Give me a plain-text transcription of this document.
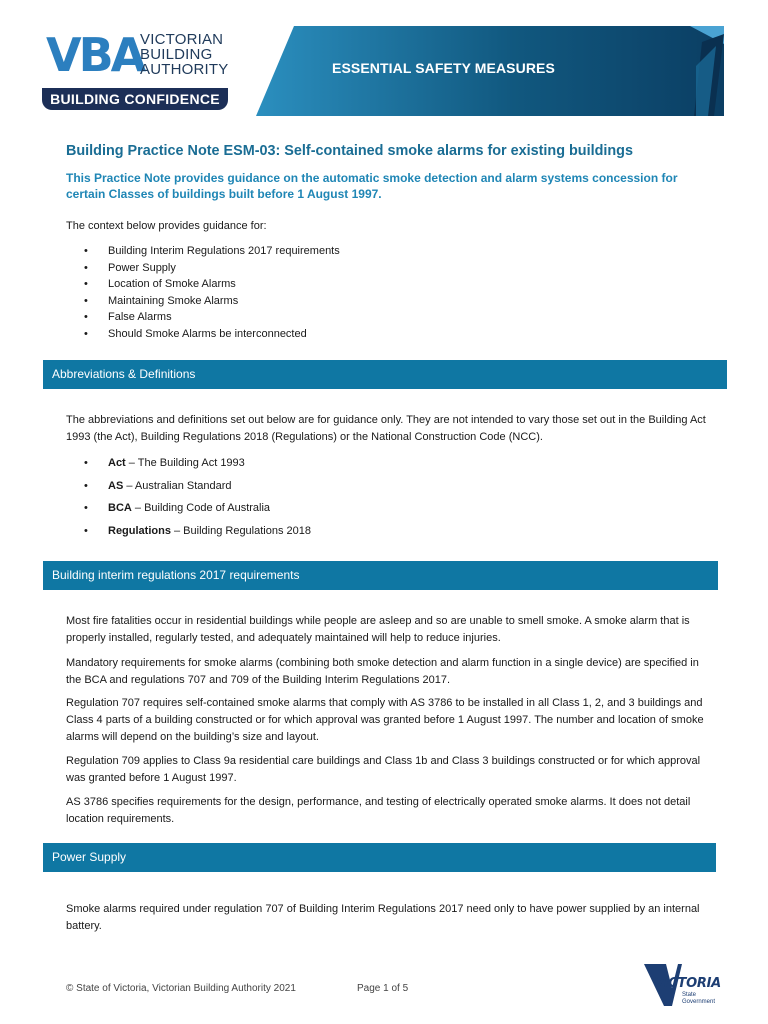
VBA
VICTORIAN
BUILDING
AUTHORITY
BUILDING CONFIDENCE
ESSENTIAL SAFETY MEASURES
Building Practice Note ESM-03: Self-contained smoke alarms for existing buildings
This Practice Note provides guidance on the automatic smoke detection and alarm systems concession for certain Classes of buildings built before 1 August 1997.
The context below provides guidance for:
• Building Interim Regulations 2017 requirements
• Power Supply
• Location of Smoke Alarms
• Maintaining Smoke Alarms
• False Alarms
• Should Smoke Alarms be interconnected
Abbreviations & Definitions
The abbreviations and definitions set out below are for guidance only. They are not intended to vary those set out in the Building Act 1993 (the Act), Building Regulations 2018 (Regulations) or the National Construction Code (NCC).
• Act – The Building Act 1993
• AS – Australian Standard
• BCA – Building Code of Australia
• Regulations – Building Regulations 2018
Building interim regulations 2017 requirements
Most fire fatalities occur in residential buildings while people are asleep and so are unable to smell smoke. A smoke alarm that is properly installed, regularly tested, and adequately maintained will help to reduce injuries.
Mandatory requirements for smoke alarms (combining both smoke detection and alarm function in a single device) are specified in the BCA and regulations 707 and 709 of the Building Interim Regulations 2017.
Regulation 707 requires self-contained smoke alarms that comply with AS 3786 to be installed in all Class 1, 2, and 3 buildings and Class 4 parts of a building constructed or for which approval was granted before 1 August 1997. The number and location of smoke alarms will depend on the building’s size and layout.
Regulation 709 applies to Class 9a residential care buildings and Class 1b and Class 3 buildings constructed or for which approval was granted before 1 August 1997.
AS 3786 specifies requirements for the design, performance, and testing of electrically operated smoke alarms. It does not detail location requirements.
Power Supply
Smoke alarms required under regulation 707 of Building Interim Regulations 2017 need only to have power supplied by an internal battery.
© State of Victoria, Victorian Building Authority 2021	Page 1 of 5	VICTORIA
State
Government
